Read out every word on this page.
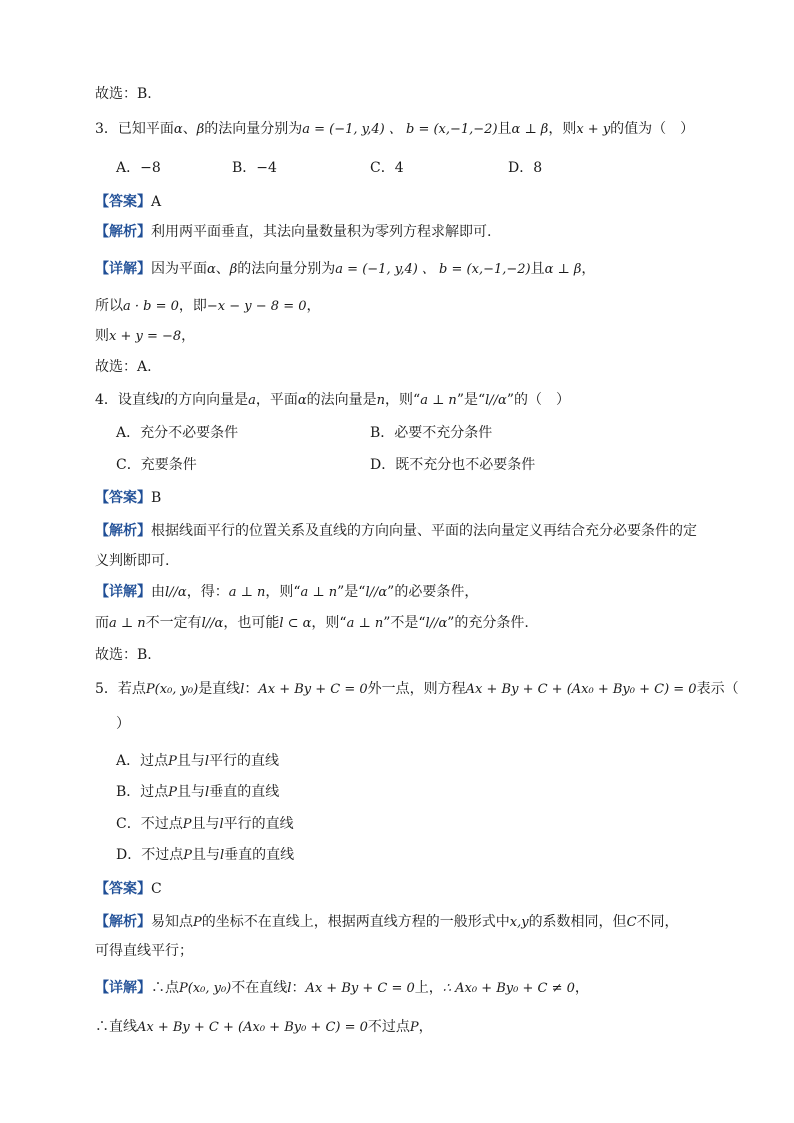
故选：B.
3．已知平面α、β的法向量分别为a = (−1, y,4) 、 b = (x,−1,−2)且α ⊥ β，则x + y的值为（　）
A．−8	B．−4	C．4	D．8
【答案】A
【解析】利用两平面垂直，其法向量数量积为零列方程求解即可.
【详解】因为平面α、β的法向量分别为a = (−1, y,4) 、 b = (x,−1,−2)且α ⊥ β，
所以a · b = 0，即−x − y − 8 = 0，
则x + y = −8，
故选：A.
4．设直线l的方向向量是a，平面α的法向量是n，则“a ⊥ n”是“l//α”的（　）
A．充分不必要条件	B．必要不充分条件
C．充要条件	D．既不充分也不必要条件
【答案】B
【解析】根据线面平行的位置关系及直线的方向向量、平面的法向量定义再结合充分必要条件的定
义判断即可.
【详解】由l//α，得：a ⊥ n，则“a ⊥ n”是“l//α”的必要条件，
而a ⊥ n不一定有l//α，也可能l ⊂ α，则“a ⊥ n”不是“l//α”的充分条件.
故选：B.
5．若点P(x₀, y₀)是直线l：Ax + By + C = 0外一点，则方程Ax + By + C + (Ax₀ + By₀ + C) = 0表示（
）
A．过点P且与l平行的直线
B．过点P且与l垂直的直线
C．不过点P且与l平行的直线
D．不过点P且与l垂直的直线
【答案】C
【解析】易知点P的坐标不在直线上，根据两直线方程的一般形式中x,y的系数相同，但C不同，
可得直线平行；
【详解】∴点P(x₀, y₀)不在直线l：Ax + By + C = 0上，∴ Ax₀ + By₀ + C ≠ 0，
∴直线Ax + By + C + (Ax₀ + By₀ + C) = 0不过点P，
